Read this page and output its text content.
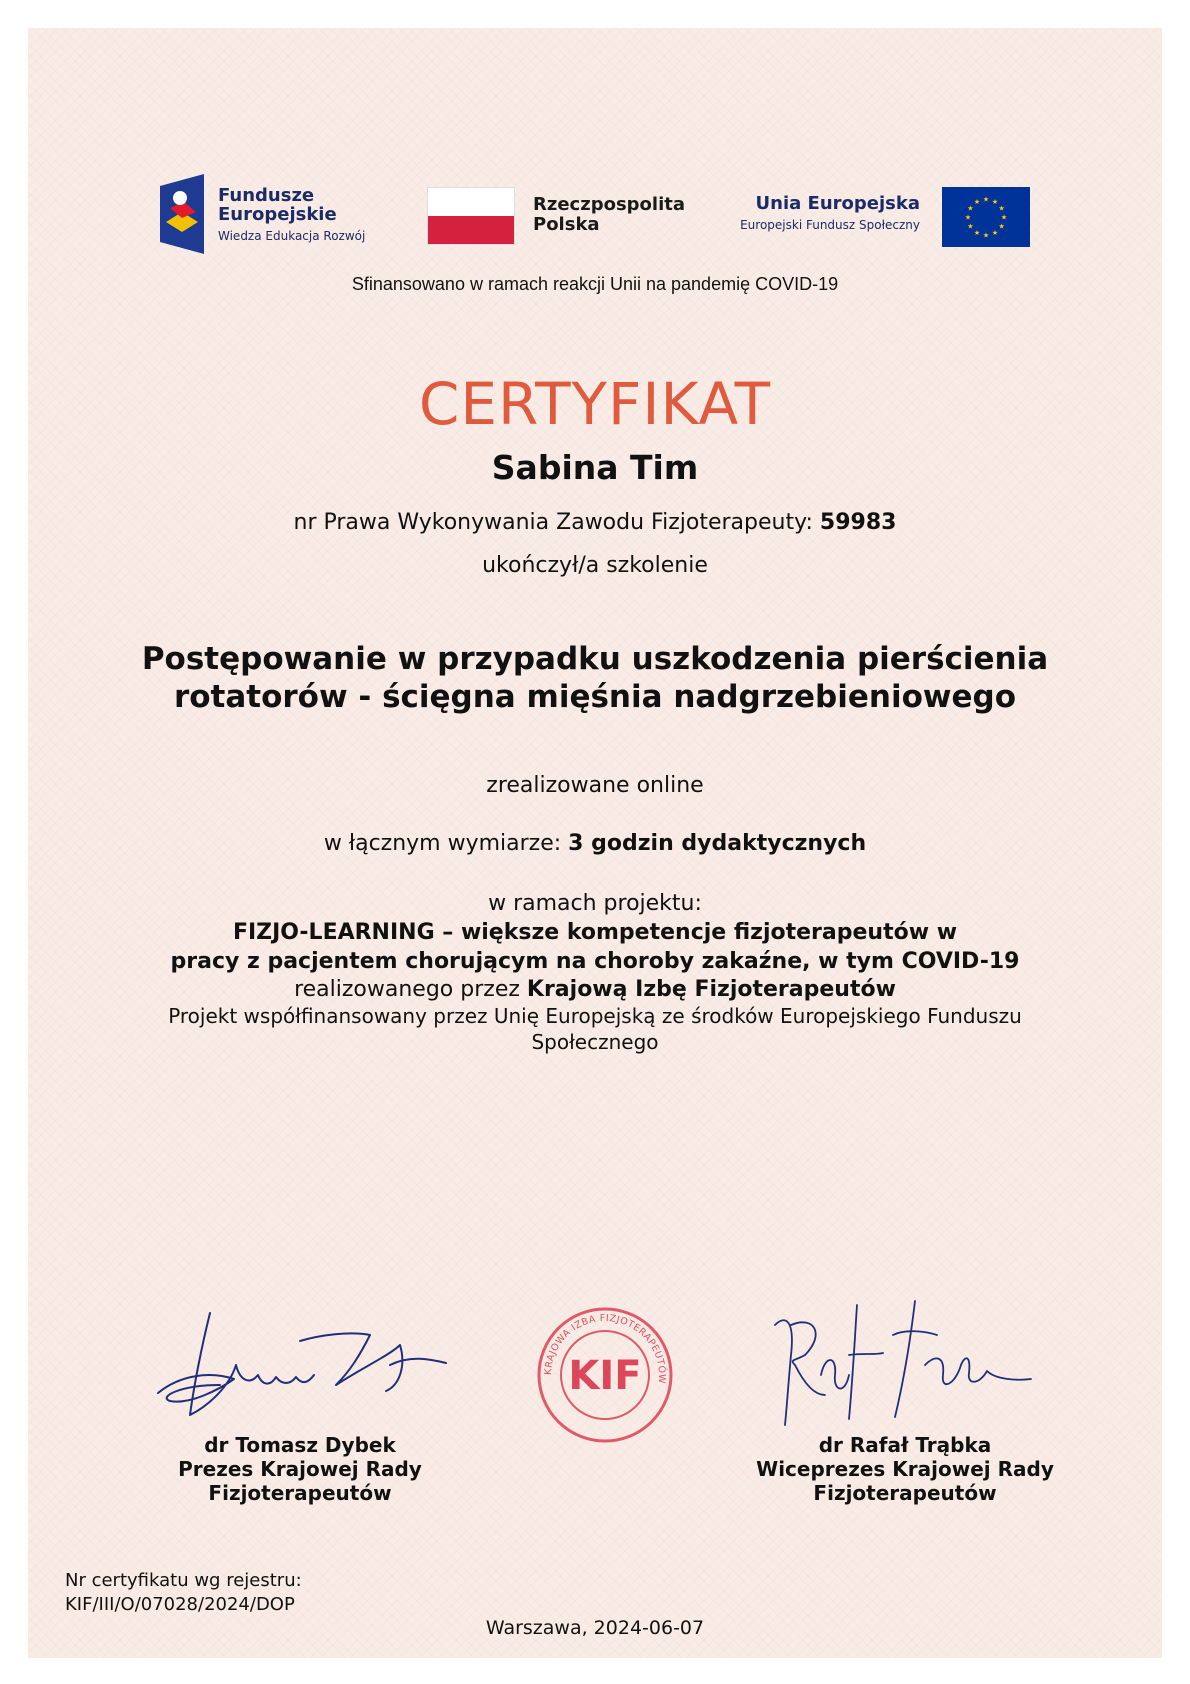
Fundusze
Europejskie
Wiedza Edukacja Rozwój
Rzeczpospolita
Polska
Unia Europejska
Europejski Fundusz Społeczny
★
★
★
★
★
★
★
★
★ ★ ★
★
Sfinansowano w ramach reakcji Unii na pandemię COVID-19
CERTYFIKAT
Sabina Tim
nr Prawa Wykonywania Zawodu Fizjoterapeuty: 59983
ukończył/a szkolenie
Postępowanie w przypadku uszkodzenia pierścienia
rotatorów - ścięgna mięśnia nadgrzebieniowego
zrealizowane online
w łącznym wymiarze: 3 godzin dydaktycznych
w ramach projektu:
FIZJO-LEARNING – większe kompetencje fizjoterapeutów w
pracy z pacjentem chorującym na choroby zakaźne, w tym COVID-19
realizowanego przez Krajową Izbę Fizjoterapeutów
Projekt współfinansowany przez Unię Europejską ze środków Europejskiego Funduszu
Społecznego
KRAJOWA IZBA FIZJOTERAPEUTÓW
KIF
dr Tomasz Dybek
Prezes Krajowej Rady
Fizjoterapeutów
dr Rafał Trąbka
Wiceprezes Krajowej Rady
Fizjoterapeutów
Nr certyfikatu wg rejestru:
KIF/III/O/07028/2024/DOP
Warszawa, 2024-06-07
